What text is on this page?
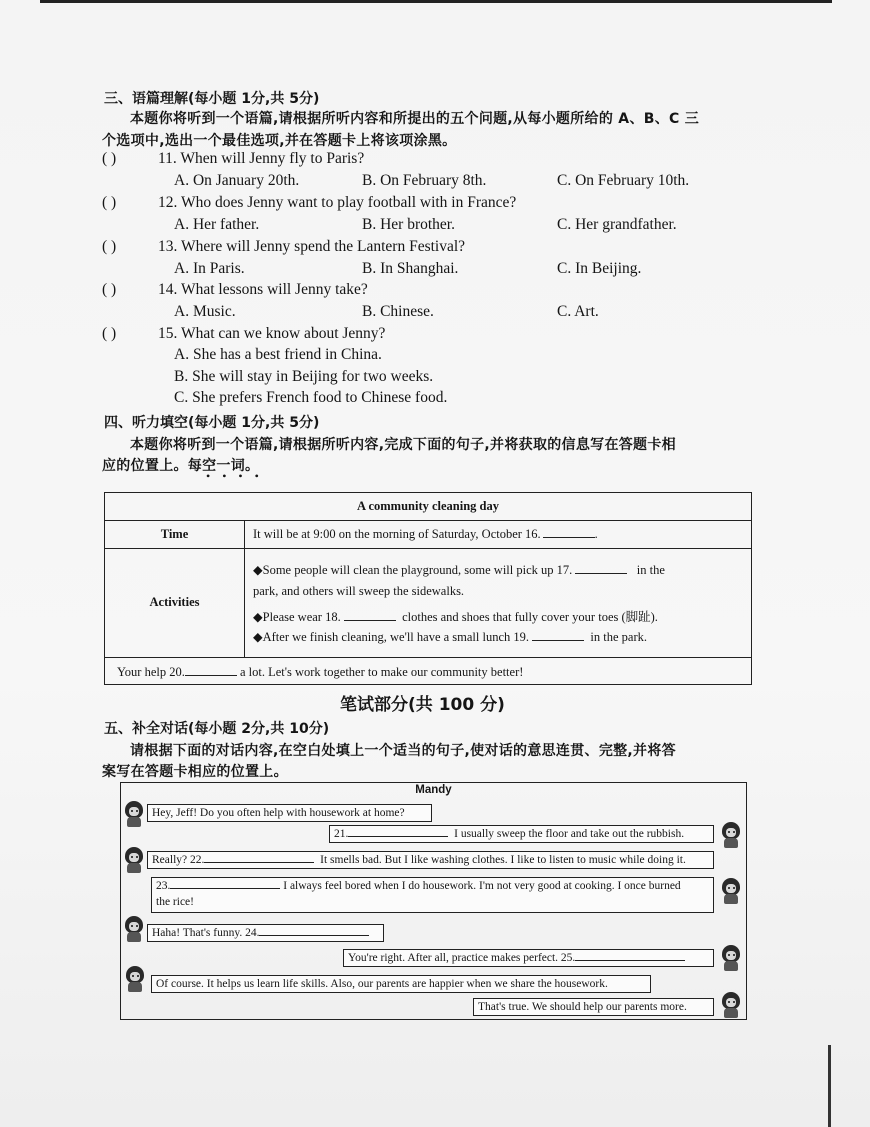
三、语篇理解(每小题 1分,共 5分)
本题你将听到一个语篇,请根据所听内容和所提出的五个问题,从每小题所给的 A、B、C 三
个选项中,选出一个最佳选项,并在答题卡上将该项涂黑。
( )	11. When will Jenny fly to Paris?
A. On January 20th.	B. On February 8th.	C. On February 10th.
( )	12. Who does Jenny want to play football with in France?
A. Her father.	B. Her brother.	C. Her grandfather.
( )	13. Where will Jenny spend the Lantern Festival?
A. In Paris.	B. In Shanghai.	C. In Beijing.
( )	14. What lessons will Jenny take?
A. Music.	B. Chinese.	C. Art.
( )	15. What can we know about Jenny?
A. She has a best friend in China.
B. She will stay in Beijing for two weeks.
C. She prefers French food to Chinese food.
四、听力填空(每小题 1分,共 5分)
本题你将听到一个语篇,请根据所听内容,完成下面的句子,并将获取的信息写在答题卡相
应的位置上。每空一词。
••••
A community cleaning day
Time	It will be at 9:00 on the morning of Saturday, October 16.	.
Activities
◆Some people will clean the playground, some will pick up 17.	in the
park, and others will sweep the sidewalks.
◆Please wear 18.	clothes and shoes that fully cover your toes (脚趾).
◆After we finish cleaning, we'll have a small lunch 19.	in the park.
Your help 20.	a lot. Let's work together to make our community better!
笔试部分(共 100 分)
五、补全对话(每小题 2分,共 10分)
请根据下面的对话内容,在空白处填上一个适当的句子,使对话的意思连贯、完整,并将答
案写在答题卡相应的位置上。
Mandy
Hey, Jeff! Do you often help with housework at home?
21.	I usually sweep the floor and take out the rubbish.
Really? 22.	It smells bad. But I like washing clothes. I like to listen to music while doing it.
23.	I always feel bored when I do housework. I'm not very good at cooking. I once burned
the rice!
Haha! That's funny. 24.
You're right. After all, practice makes perfect. 25.
Of course. It helps us learn life skills. Also, our parents are happier when we share the housework.
That's true. We should help our parents more.
